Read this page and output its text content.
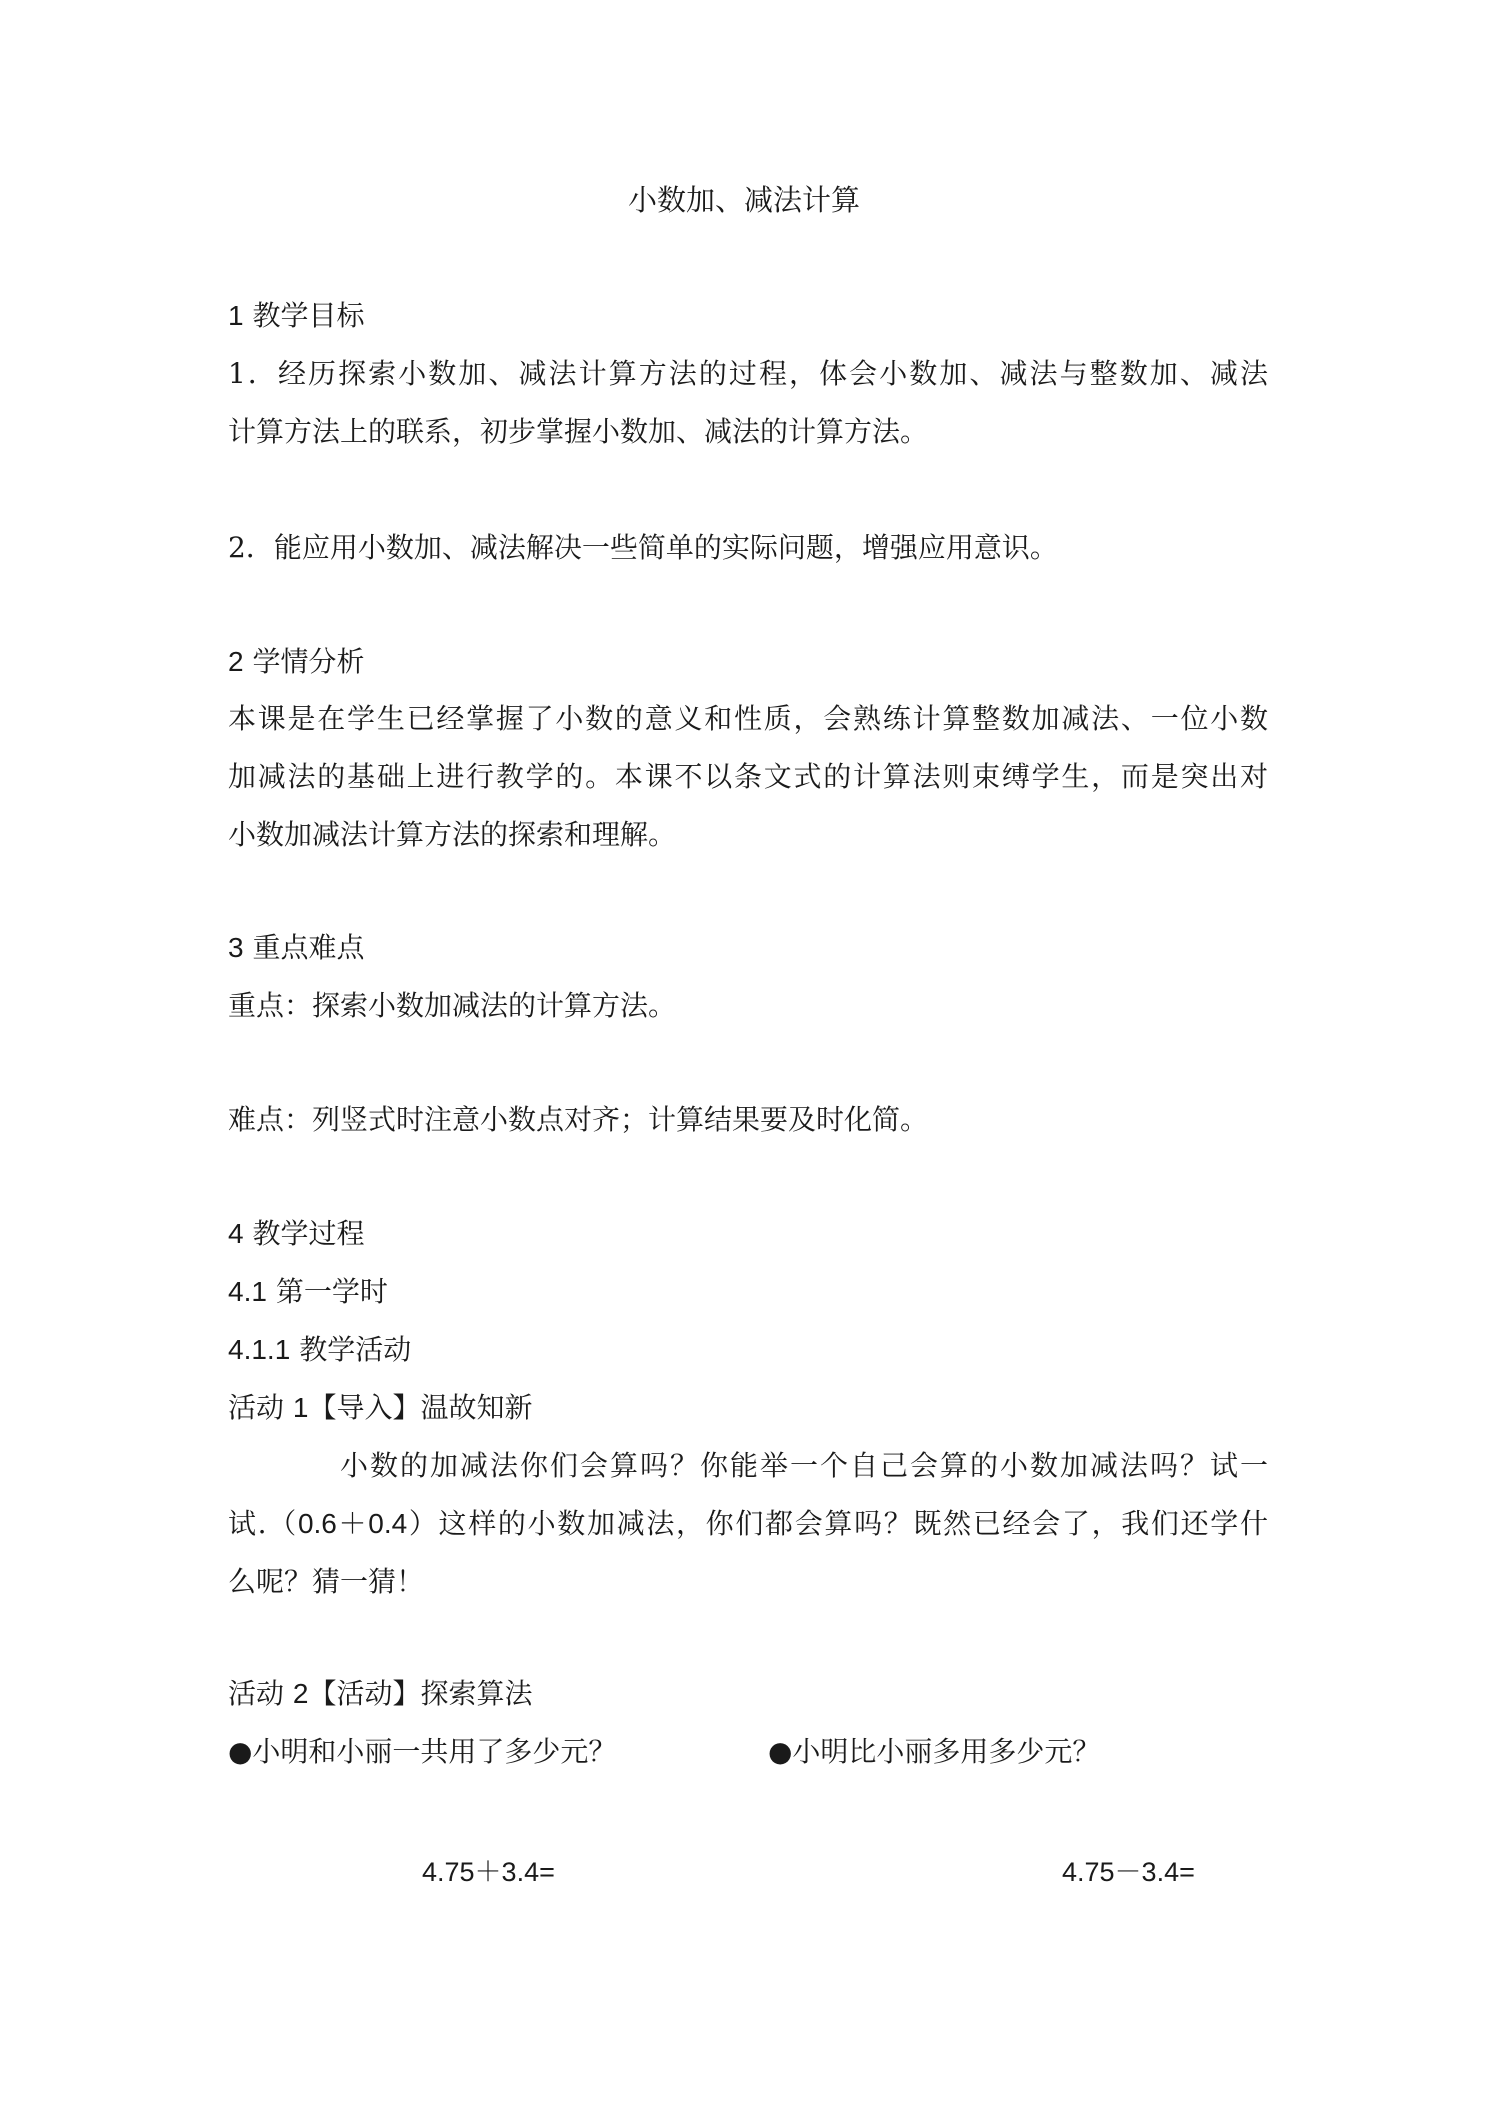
小数加、减法计算
1 教学目标
1．经历探索小数加、减法计算方法的过程，体会小数加、减法与整数加、减法
计算方法上的联系，初步掌握小数加、减法的计算方法。
2．能应用小数加、减法解决一些简单的实际问题，增强应用意识。
2 学情分析
本课是在学生已经掌握了小数的意义和性质，会熟练计算整数加减法、一位小数
加减法的基础上进行教学的。本课不以条文式的计算法则束缚学生，而是突出对
小数加减法计算方法的探索和理解。
3 重点难点
重点：探索小数加减法的计算方法。
难点：列竖式时注意小数点对齐；计算结果要及时化简。
4 教学过程
4.1 第一学时
4.1.1 教学活动
活动 1【导入】温故知新
小数的加减法你们会算吗？你能举一个自己会算的小数加减法吗？试一
试.（0.6＋0.4）这样的小数加减法，你们都会算吗？既然已经会了，我们还学什
么呢？猜一猜！
活动 2【活动】探索算法
●小明和小丽一共用了多少元？	●小明比小丽多用多少元？
4.75＋3.4=	4.75－3.4=
